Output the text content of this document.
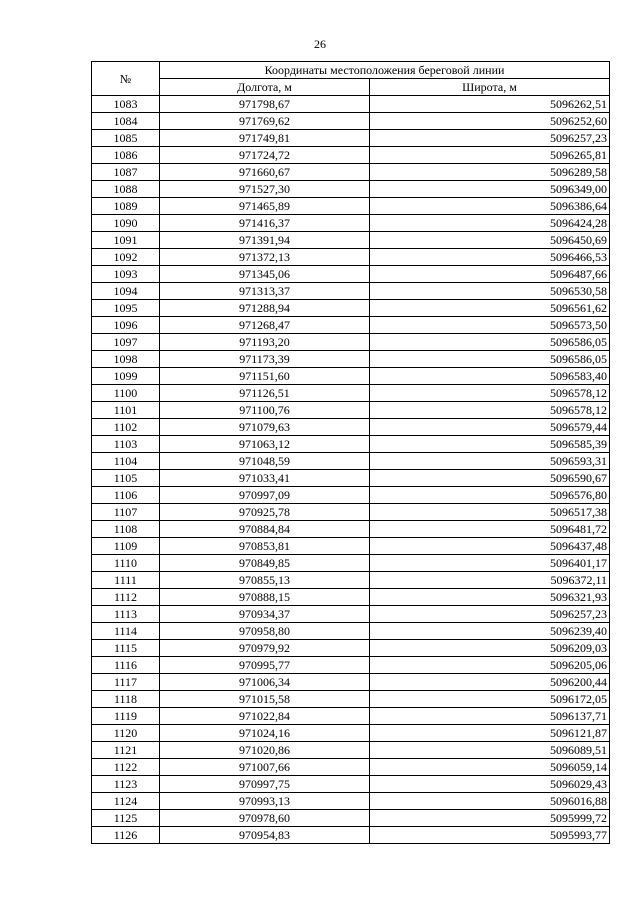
26
№	Координаты местоположения береговой линии	
	Долгота, м	Широта, м
1083	971798,67	5096262,51
1084	971769,62	5096252,60
1085	971749,81	5096257,23
1086	971724,72	5096265,81
1087	971660,67	5096289,58
1088	971527,30	5096349,00
1089	971465,89	5096386,64
1090	971416,37	5096424,28
1091	971391,94	5096450,69
1092	971372,13	5096466,53
1093	971345,06	5096487,66
1094	971313,37	5096530,58
1095	971288,94	5096561,62
1096	971268,47	5096573,50
1097	971193,20	5096586,05
1098	971173,39	5096586,05
1099	971151,60	5096583,40
1100	971126,51	5096578,12
1101	971100,76	5096578,12
1102	971079,63	5096579,44
1103	971063,12	5096585,39
1104	971048,59	5096593,31
1105	971033,41	5096590,67
1106	970997,09	5096576,80
1107	970925,78	5096517,38
1108	970884,84	5096481,72
1109	970853,81	5096437,48
1110	970849,85	5096401,17
1111	970855,13	5096372,11
1112	970888,15	5096321,93
1113	970934,37	5096257,23
1114	970958,80	5096239,40
1115	970979,92	5096209,03
1116	970995,77	5096205,06
1117	971006,34	5096200,44
1118	971015,58	5096172,05
1119	971022,84	5096137,71
1120	971024,16	5096121,87
1121	971020,86	5096089,51
1122	971007,66	5096059,14
1123	970997,75	5096029,43
1124	970993,13	5096016,88
1125	970978,60	5095999,72
1126	970954,83	5095993,77
